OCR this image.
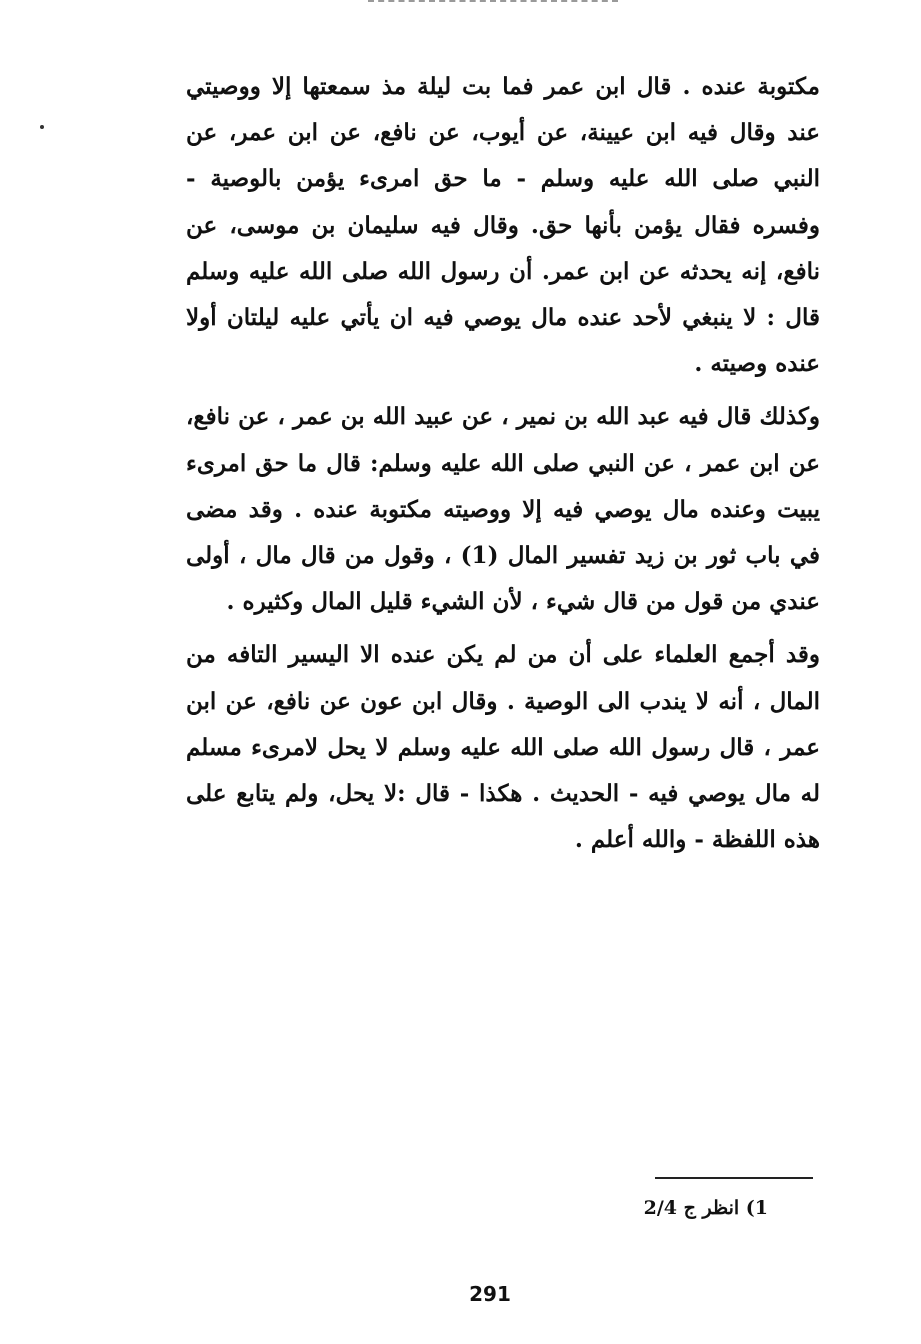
مكتوبة عنده . قال ابن عمر فما بت ليلة مذ سمعتها إلا ووصيتي عند وقال فيه ابن عيينة، عن أيوب، عن نافع، عن ابن عمر، عن النبي صلى الله عليه وسلم - ما حق امرىء يؤمن بالوصية - وفسره فقال يؤمن بأنها حق. وقال فيه سليمان بن موسى، عن نافع، إنه يحدثه عن ابن عمر. أن رسول الله صلى الله عليه وسلم قال : لا ينبغي لأحد عنده مال يوصي فيه ان يأتي عليه ليلتان أولا عنده وصيته .

وكذلك قال فيه عبد الله بن نمير ، عن عبيد الله بن عمر ، عن نافع، عن ابن عمر ، عن النبي صلى الله عليه وسلم: قال ما حق امرىء يبيت وعنده مال يوصي فيه إلا ووصيته مكتوبة عنده . وقد مضى في باب ثور بن زيد تفسير المال (1) ، وقول من قال مال ، أولى عندي من قول من قال شيء ، لأن الشيء قليل المال وكثيره .

وقد أجمع العلماء على أن من لم يكن عنده الا اليسير التافه من المال ، أنه لا يندب الى الوصية . وقال ابن عون عن نافع، عن ابن عمر ، قال رسول الله صلى الله عليه وسلم لا يحل لامرىء مسلم له مال يوصي فيه - الحديث . هكذا - قال :لا يحل، ولم يتابع على هذه اللفظة - والله أعلم .

1) انظر ج 2/4
291
